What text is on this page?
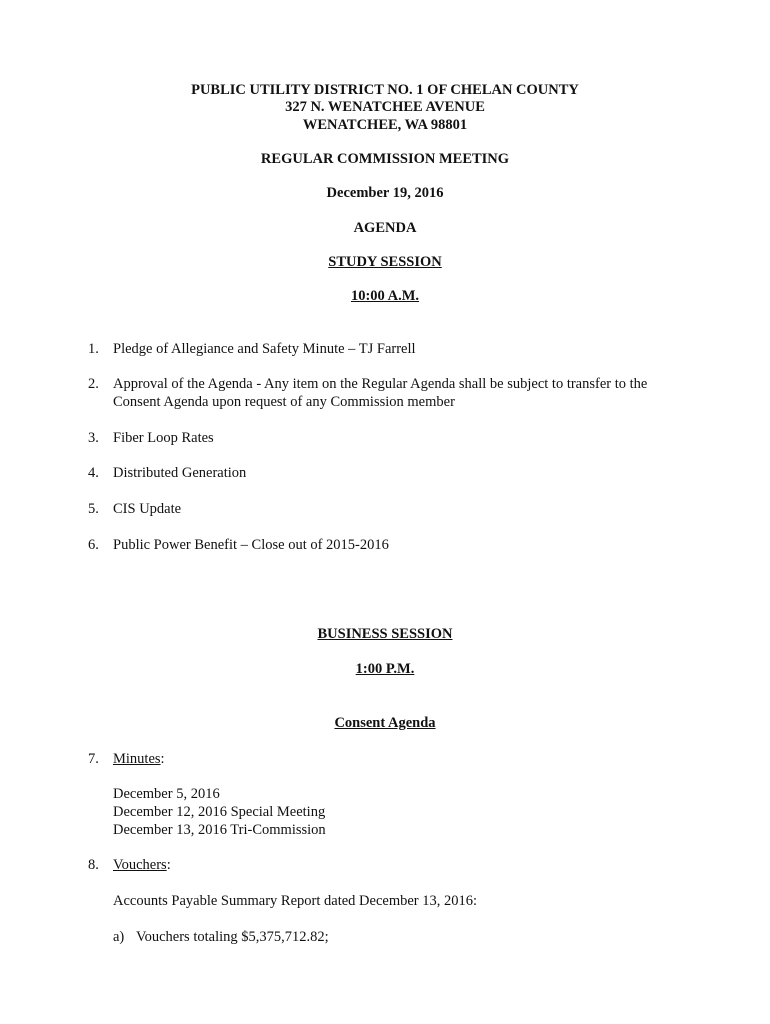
PUBLIC UTILITY DISTRICT NO. 1 OF CHELAN COUNTY
327 N. WENATCHEE AVENUE
WENATCHEE, WA 98801
REGULAR COMMISSION MEETING
December 19, 2016
AGENDA
STUDY SESSION
10:00 A.M.
1. Pledge of Allegiance and Safety Minute – TJ Farrell
2. Approval of the Agenda - Any item on the Regular Agenda shall be subject to transfer to the
Consent Agenda upon request of any Commission member
3. Fiber Loop Rates
4. Distributed Generation
5. CIS Update
6. Public Power Benefit – Close out of 2015-2016
BUSINESS SESSION
1:00 P.M.
Consent Agenda
7. Minutes:
December 5, 2016
December 12, 2016 Special Meeting
December 13, 2016 Tri-Commission
8. Vouchers:
Accounts Payable Summary Report dated December 13, 2016:
a) Vouchers totaling $5,375,712.82;
